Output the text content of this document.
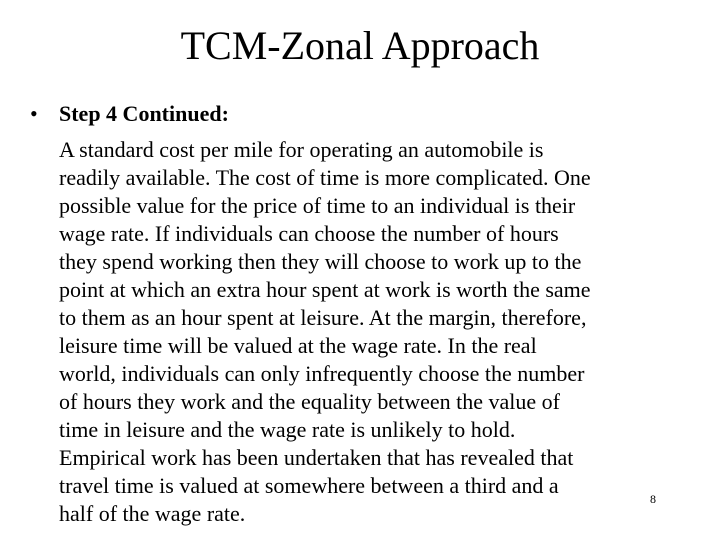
TCM-Zonal Approach
• Step 4 Continued:
A standard cost per mile for operating an automobile is
readily available. The cost of time is more complicated. One
possible value for the price of time to an individual is their
wage rate. If individuals can choose the number of hours
they spend working then they will choose to work up to the
point at which an extra hour spent at work is worth the same
to them as an hour spent at leisure. At the margin, therefore,
leisure time will be valued at the wage rate. In the real
world, individuals can only infrequently choose the number
of hours they work and the equality between the value of
time in leisure and the wage rate is unlikely to hold.
Empirical work has been undertaken that has revealed that
travel time is valued at somewhere between a third and a
half of the wage rate.
8
